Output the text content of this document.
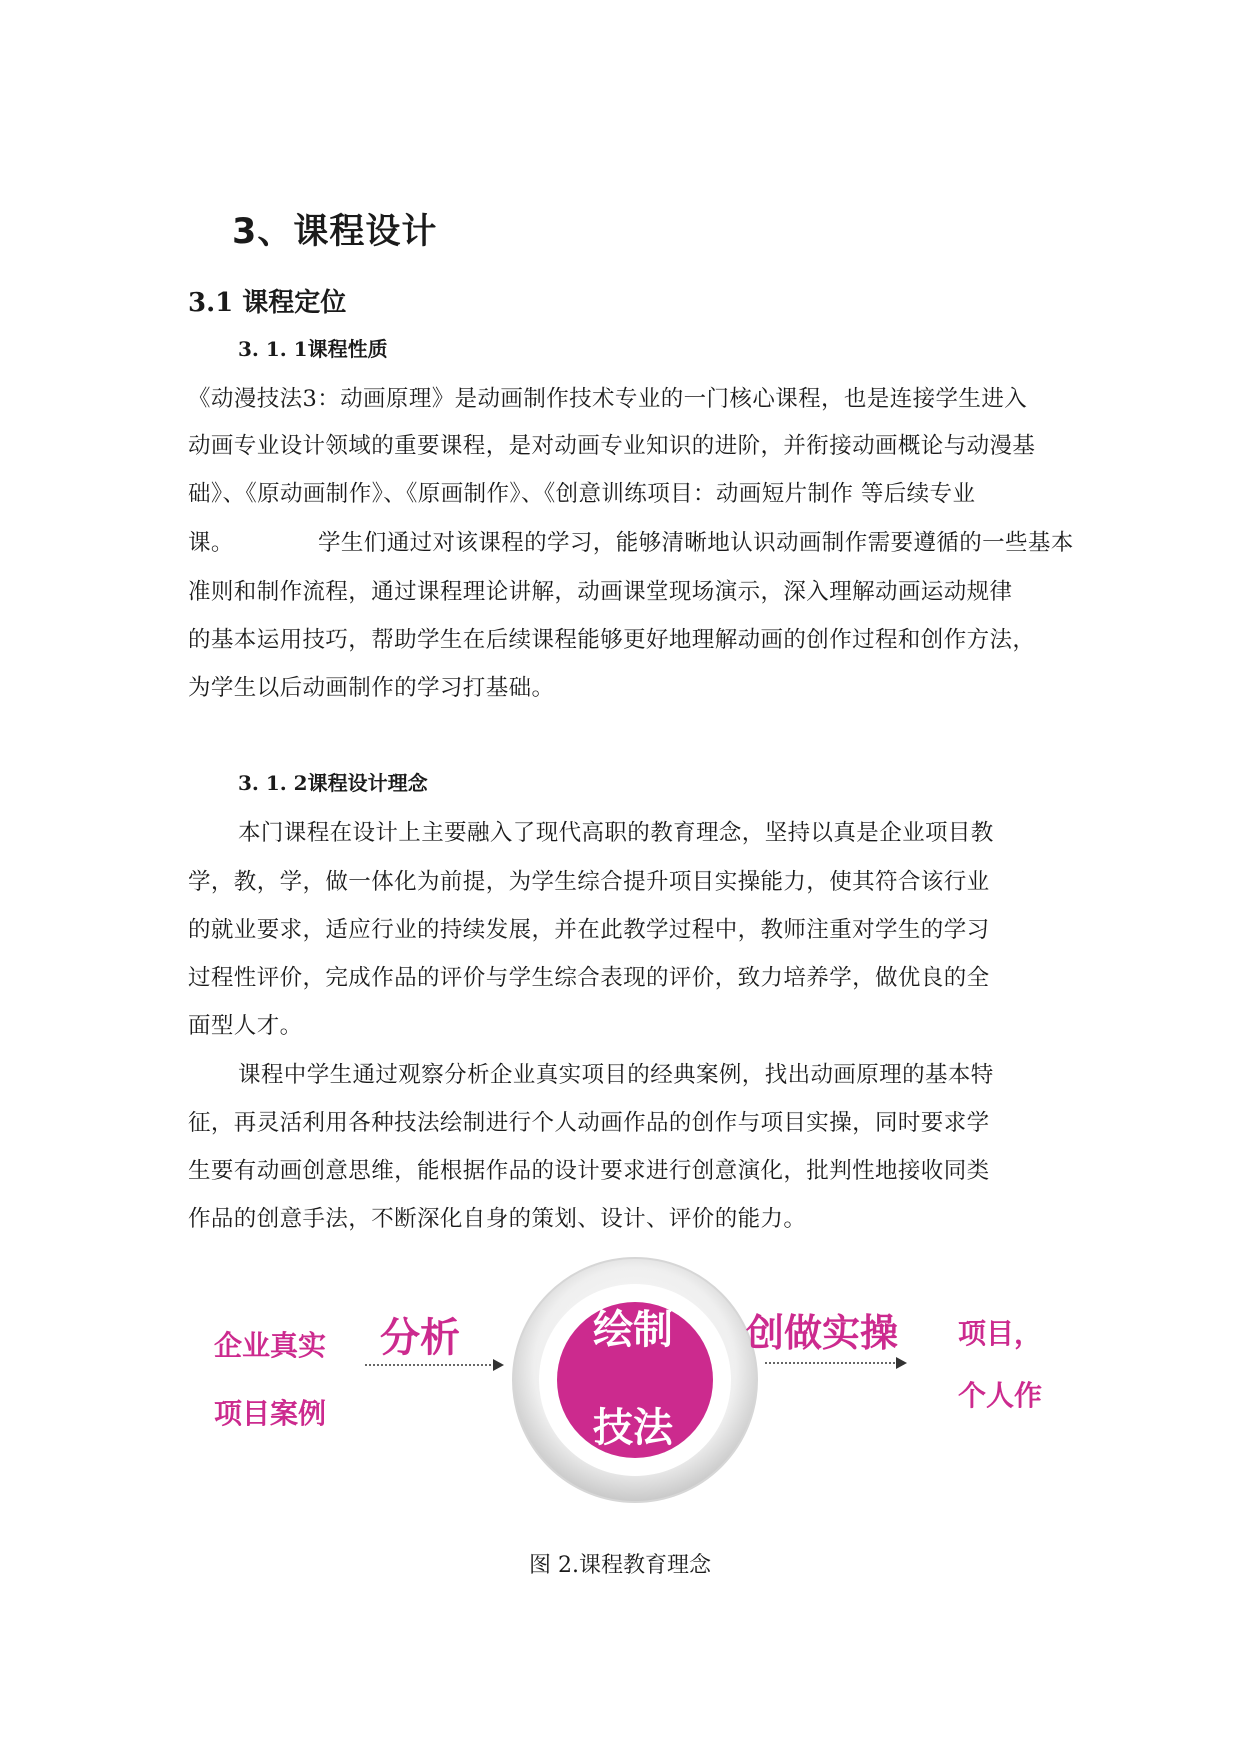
3、课程设计
3.1 课程定位
3. 1. 1课程性质
《动漫技法3：动画原理》是动画制作技术专业的一门核心课程，也是连接学生进入
动画专业设计领域的重要课程，是对动画专业知识的进阶，并衔接动画概论与动漫基
础》、《原动画制作》、《原画制作》、《创意训练项目：动画短片制作 等后续专业
课。	学生们通过对该课程的学习，能够清晰地认识动画制作需要遵循的一些基本
准则和制作流程，通过课程理论讲解，动画课堂现场演示，深入理解动画运动规律
的基本运用技巧，帮助学生在后续课程能够更好地理解动画的创作过程和创作方法，
为学生以后动画制作的学习打基础。
3. 1. 2课程设计理念
本门课程在设计上主要融入了现代高职的教育理念，坚持以真是企业项目教
学，教，学，做一体化为前提，为学生综合提升项目实操能力，使其符合该行业
的就业要求，适应行业的持续发展，并在此教学过程中，教师注重对学生的学习
过程性评价，完成作品的评价与学生综合表现的评价，致力培养学，做优良的全
面型人才。
课程中学生通过观察分析企业真实项目的经典案例，找出动画原理的基本特
征，再灵活利用各种技法绘制进行个人动画作品的创作与项目实操，同时要求学
生要有动画创意思维，能根据作品的设计要求进行创意演化，批判性地接收同类
作品的创意手法，不断深化自身的策划、设计、评价的能力。
企业真实
项目案例
分析	绘制
技法
创做实操 项目，
个人作
图 2.课程教育理念
